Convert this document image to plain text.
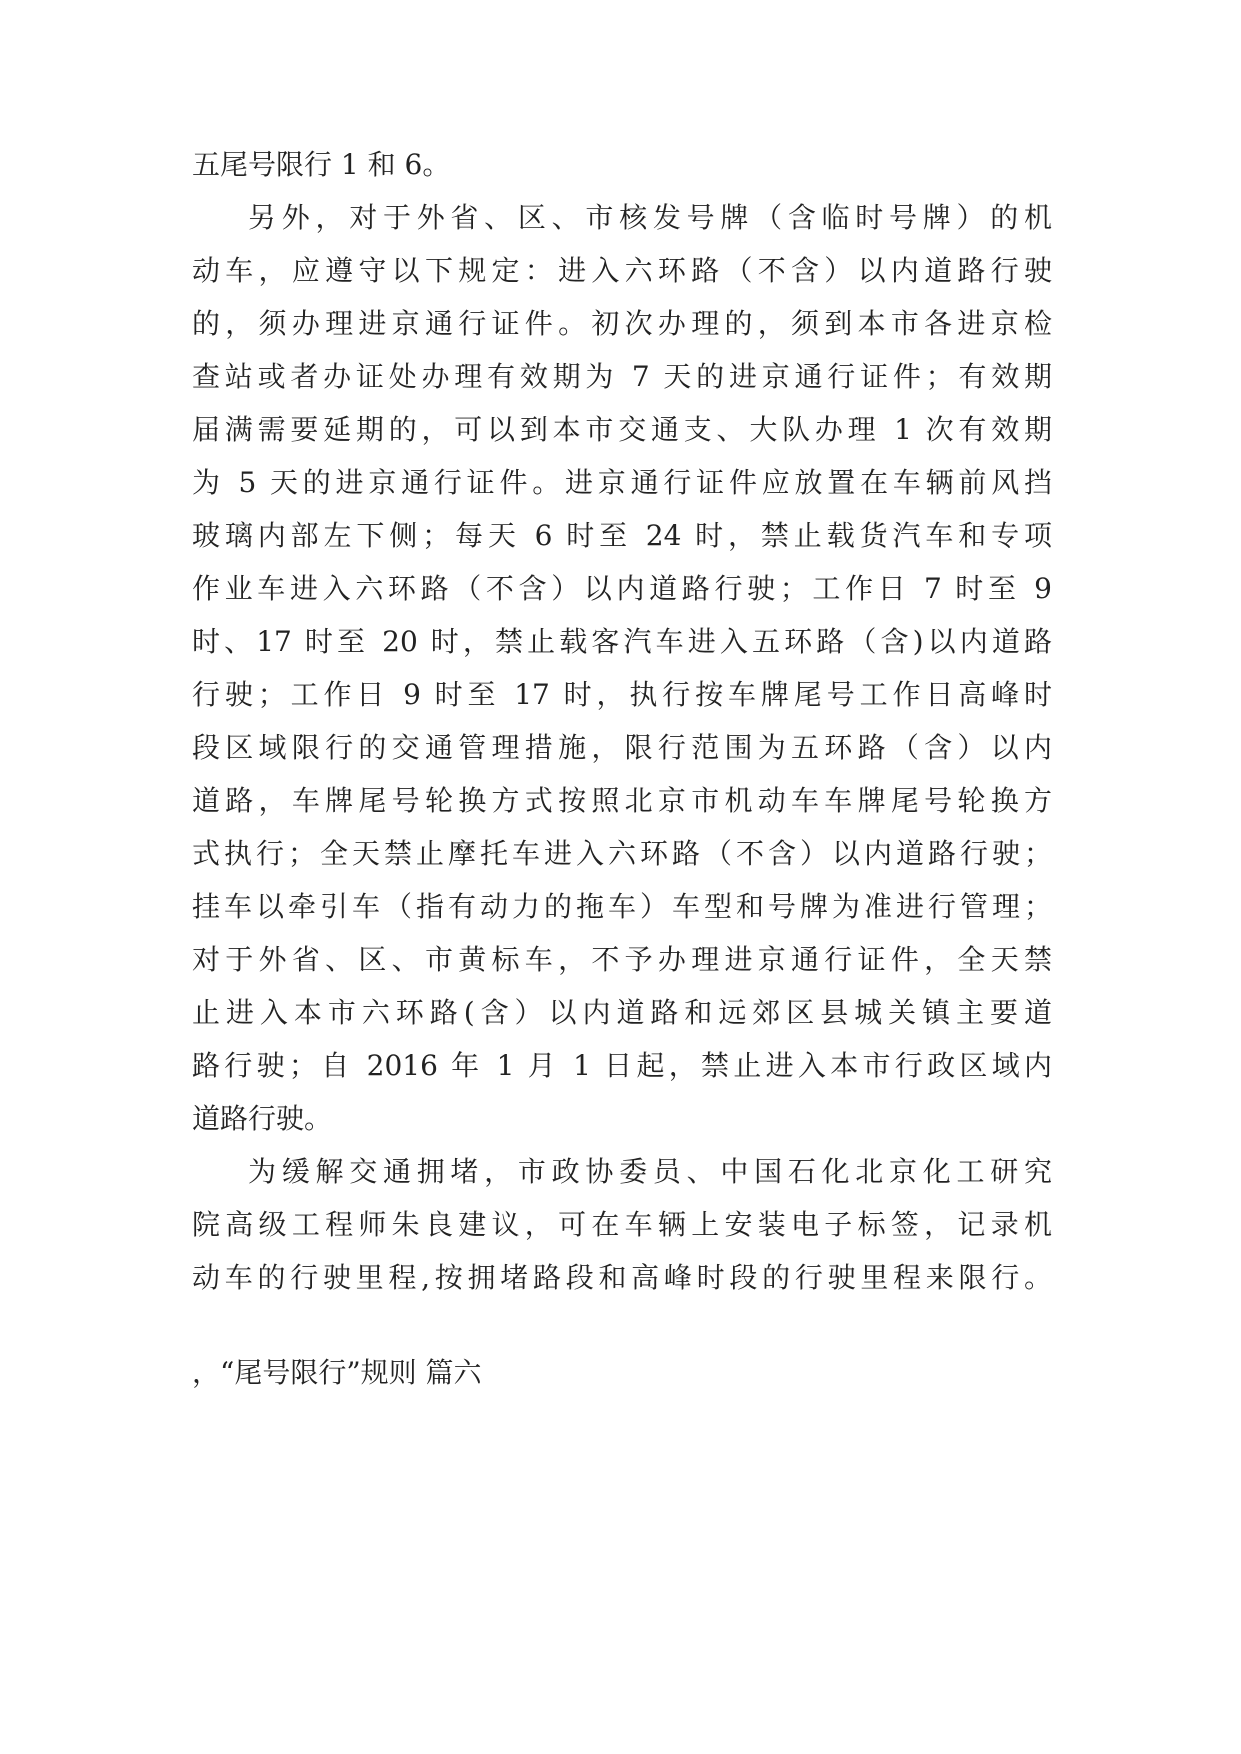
五尾号限行 1 和 6。
另外，对于外省、区、市核发号牌（含临时号牌）的机
动车，应遵守以下规定：进入六环路（不含）以内道路行驶
的，须办理进京通行证件。初次办理的，须到本市各进京检
查站或者办证处办理有效期为 7 天的进京通行证件；有效期
届满需要延期的，可以到本市交通支、大队办理 1 次有效期
为 5 天的进京通行证件。进京通行证件应放置在车辆前风挡
玻璃内部左下侧；每天 6 时至 24 时，禁止载货汽车和专项
作业车进入六环路（不含）以内道路行驶；工作日 7 时至 9
时、17 时至 20 时，禁止载客汽车进入五环路（含)以内道路
行驶；工作日 9 时至 17 时，执行按车牌尾号工作日高峰时
段区域限行的交通管理措施，限行范围为五环路（含）以内
道路，车牌尾号轮换方式按照北京市机动车车牌尾号轮换方
式执行；全天禁止摩托车进入六环路（不含）以内道路行驶；
挂车以牵引车（指有动力的拖车）车型和号牌为准进行管理；
对于外省、区、市黄标车，不予办理进京通行证件，全天禁
止进入本市六环路(含）以内道路和远郊区县城关镇主要道
路行驶；自 2016 年 1 月 1 日起，禁止进入本市行政区域内
道路行驶。
为缓解交通拥堵，市政协委员、中国石化北京化工研究
院高级工程师朱良建议，可在车辆上安装电子标签，记录机
动车的行驶里程,按拥堵路段和高峰时段的行驶里程来限行。
，“尾号限行”规则 篇六
